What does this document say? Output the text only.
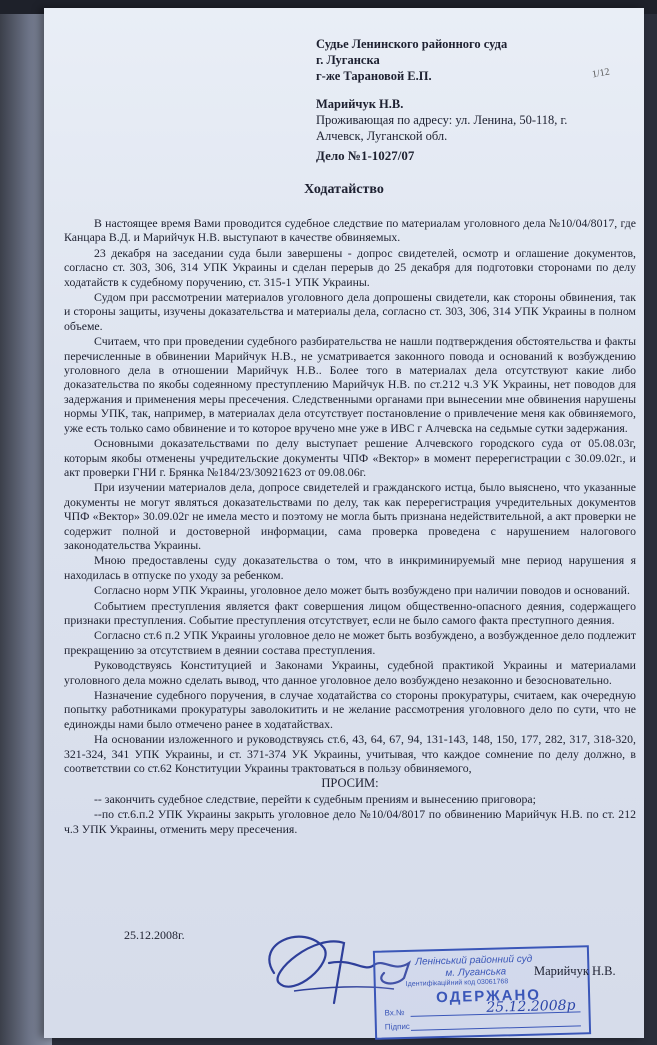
1/12
Судье Ленинского районного суда
г. Луганска
г-же Тарановой Е.П.
Марийчук Н.В.
Проживающая по адресу: ул. Ленина, 50-118, г.
Алчевск, Луганской обл.
Дело №1-1027/07
Ходатайство

В настоящее время Вами проводится судебное следствие по материалам уголовного дела №10/04/8017, где Канцара В.Д. и Марийчук Н.В. выступают в качестве обвиняемых.

23 декабря на заседании суда были завершены - допрос свидетелей, осмотр и оглашение документов, согласно ст. 303, 306, 314 УПК Украины и сделан перерыв до 25 декабря для подготовки сторонами по делу ходатайств к судебному поручению, ст. 315-1 УПК Украины.

Судом при рассмотрении материалов уголовного дела допрошены свидетели, как стороны обвинения, так и стороны защиты, изучены доказательства и материалы дела, согласно ст. 303, 306, 314 УПК Украины в полном объеме.

Считаем, что при проведении судебного разбирательства не нашли подтверждения обстоятельства и факты перечисленные в обвинении Марийчук Н.В., не усматривается законного повода и оснований к возбуждению уголовного дела в отношении Марийчук Н.В.. Более того в материалах дела отсутствуют какие либо доказательства по якобы содеянному преступлению Марийчук Н.В. по ст.212 ч.3 УК Украины, нет поводов для задержания и применения меры пресечения. Следственными органами при вынесении мне обвинения нарушены нормы УПК, так, например, в материалах дела отсутствует постановление о привлечение меня как обвиняемого, уже есть только само обвинение и то которое вручено мне уже в ИВС г Алчевска на седьмые сутки задержания.

Основными доказательствами по делу выступает решение Алчевского городского суда от 05.08.03г, которым якобы отменены учредительские документы ЧПФ «Вектор» в момент перерегистрации с 30.09.02г., и акт проверки ГНИ г. Брянка №184/23/30921623 от 09.08.06г.

При изучении материалов дела, допросе свидетелей и гражданского истца, было выяснено, что указанные документы не могут являться доказательствами по делу, так как перерегистрация учредительных документов ЧПФ «Вектор» 30.09.02г не имела место и поэтому не могла быть признана недействительной, а акт проверки не содержит полной и достоверной информации, сама проверка проведена с нарушением налогового законодательства Украины.

Мною предоставлены суду доказательства о том, что в инкриминируемый мне период нарушения я находилась в отпуске по уходу за ребенком.

Согласно норм УПК Украины, уголовное дело может быть возбуждено при наличии поводов и оснований.

Событием преступления является факт совершения лицом общественно-опасного деяния, содержащего признаки преступления. Событие преступления отсутствует, если не было самого факта преступного деяния.

Согласно ст.6 п.2 УПК Украины уголовное дело не может быть возбуждено, а возбужденное дело подлежит прекращению за отсутствием в деянии состава преступления.

Руководствуясь Конституцией и Законами Украины, судебной практикой Украины и материалами уголовного дела можно сделать вывод, что данное уголовное дело возбуждено незаконно и безосновательно.

Назначение судебного поручения, в случае ходатайства со стороны прокуратуры, считаем, как очередную попытку работниками прокуратуры заволокитить и не желание рассмотрения уголовного дело по сути, что не единожды нами было отмечено ранее в ходатайствах.

На основании изложенного и руководствуясь ст.6, 43, 64, 67, 94, 131-143, 148, 150, 177, 282, 317, 318-320, 321-324, 341 УПК Украины, и ст. 371-374 УК Украины, учитывая, что каждое сомнение по делу должно, в соответствии со ст.62 Конституции Украины трактоваться в пользу обвиняемого,

ПРОСИМ:

-- закончить судебное следствие, перейти к судебным прениям и вынесению приговора;

--по ст.6.п.2 УПК Украины закрыть уголовное дело №10/04/8017 по обвинению Марийчук Н.В. по ст. 212 ч.3 УПК Украины, отменить меру пресечения.

25.12.2008г.
Ленінський районний суд
м. Луганська
Ідентифікаційний код 03061768
ОДЕРЖАНО
Вх.№
Підпис
25.12.2008р
Марийчук Н.В.
